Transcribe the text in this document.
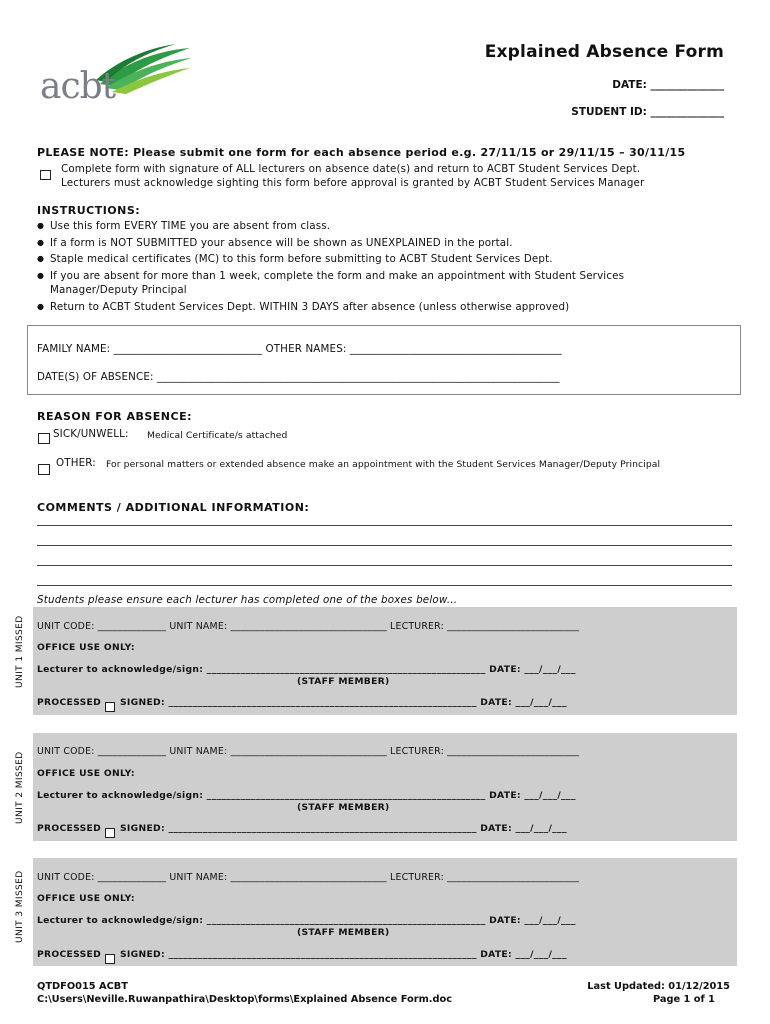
acbt
Explained Absence Form
DATE: ______________
STUDENT ID: ______________
PLEASE NOTE: Please submit one form for each absence period e.g. 27/11/15 or 29/11/15 – 30/11/15
Complete form with signature of ALL lecturers on absence date(s) and return to ACBT Student Services Dept.
Lecturers must acknowledge sighting this form before approval is granted by ACBT Student Services Manager
INSTRUCTIONS:
● Use this form EVERY TIME you are absent from class.
● If a form is NOT SUBMITTED your absence will be shown as UNEXPLAINED in the portal.
● Staple medical certificates (MC) to this form before submitting to ACBT Student Services Dept.
● If you are absent for more than 1 week, complete the form and make an appointment with Student Services Manager/Deputy Principal
● Return to ACBT Student Services Dept. WITHIN 3 DAYS after absence (unless otherwise approved)
FAMILY NAME: ____________________________ OTHER NAMES: ________________________________________
DATE(S) OF ABSENCE: ____________________________________________________________________________
REASON FOR ABSENCE:
SICK/UNWELL: Medical Certificate/s attached
OTHER: For personal matters or extended absence make an appointment with the Student Services Manager/Deputy Principal
COMMENTS / ADDITIONAL INFORMATION:
Students please ensure each lecturer has completed one of the boxes below...
UNIT CODE: ______________ UNIT NAME: ________________________________ LECTURER: ___________________________
OFFICE USE ONLY:
Lecturer to acknowledge/sign: _________________________________________________________ DATE: ___/___/___
(STAFF MEMBER)
PROCESSED SIGNED: _______________________________________________________________ DATE: ___/___/___
UNIT 1 MISSED
UNIT CODE: ______________ UNIT NAME: ________________________________ LECTURER: ___________________________
OFFICE USE ONLY:
Lecturer to acknowledge/sign: _________________________________________________________ DATE: ___/___/___
(STAFF MEMBER)
PROCESSED SIGNED: _______________________________________________________________ DATE: ___/___/___
UNIT 2 MISSED
UNIT CODE: ______________ UNIT NAME: ________________________________ LECTURER: ___________________________
OFFICE USE ONLY:
Lecturer to acknowledge/sign: _________________________________________________________ DATE: ___/___/___
(STAFF MEMBER)
PROCESSED SIGNED: _______________________________________________________________ DATE: ___/___/___
UNIT 3 MISSED
QTDFO015 ACBT
C:\Users\Neville.Ruwanpathira\Desktop\forms\Explained Absence Form.doc
Last Updated: 01/12/2015
Page 1 of 1
